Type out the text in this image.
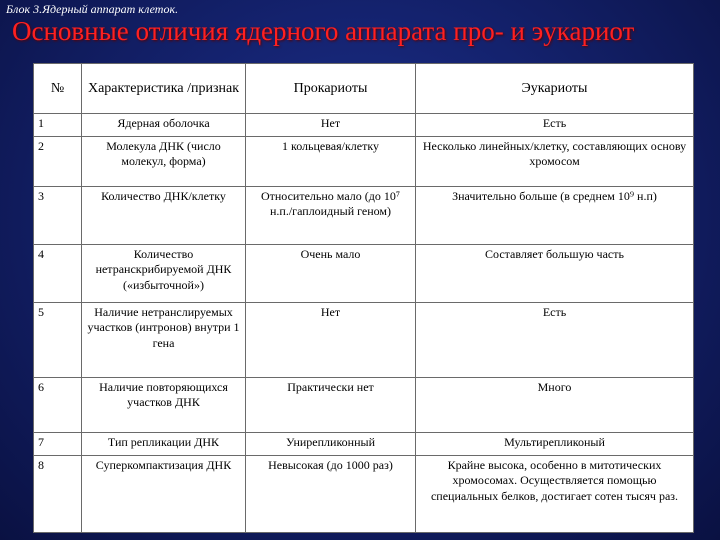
Блок 3.Ядерный аппарат клеток.
Основные отличия ядерного аппарата про- и эукариот
№	Характеристика /признак	Прокариоты	Эукариоты
1	Ядерная оболочка	Нет	Есть
2	Молекула ДНК (число молекул, форма)	1 кольцевая/клетку	Несколько линейных/клетку, составляющих основу хромосом
3	Количество ДНК/клетку	Относительно мало (до 10⁷ н.п./гаплоидный геном)	Значительно больше (в среднем 10⁹ н.п)
4	Количество нетранскрибируемой ДНК («избыточной»)	Очень мало	Составляет большую часть
5	Наличие нетранслируемых участков (интронов) внутри 1 гена	Нет	Есть
6	Наличие повторяющихся участков ДНК	Практически нет	Много
7	Тип репликации ДНК	Унирепликонный	Мультирепликоный
8	Суперкомпактизация ДНК	Невысокая (до 1000 раз)	Крайне высока, особенно в митотических хромосомах. Осуществляется помощью специальных белков, достигает сотен тысяч раз.
